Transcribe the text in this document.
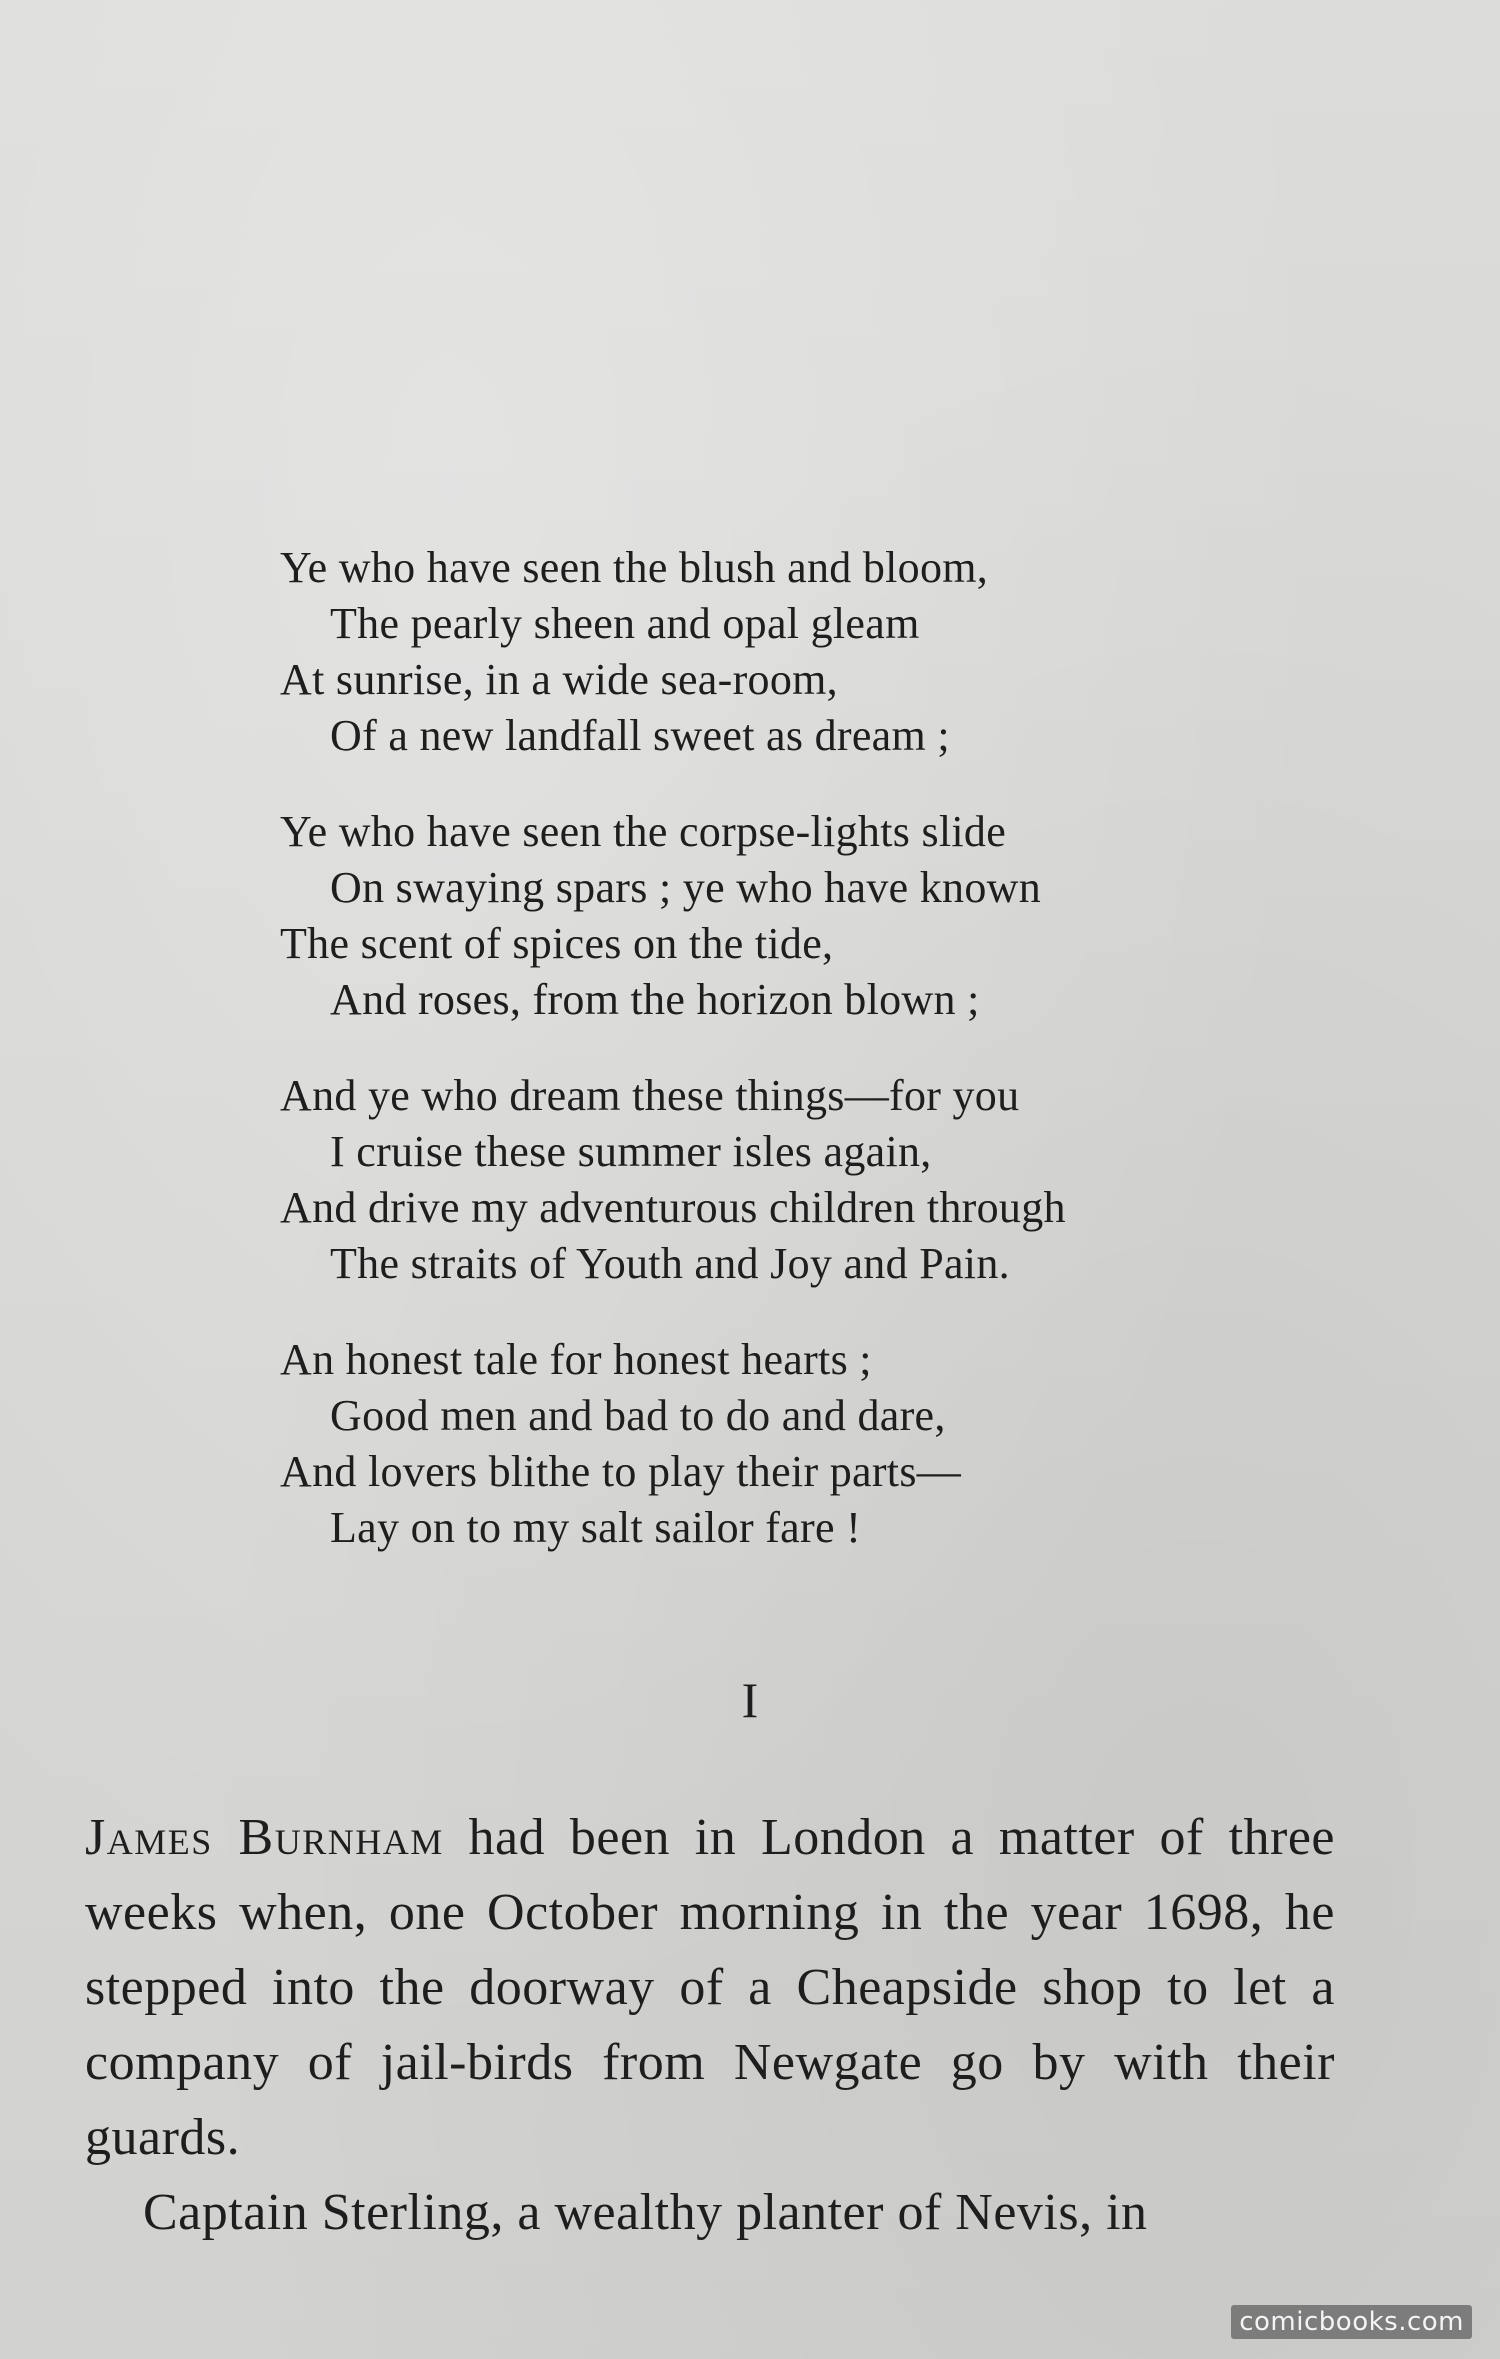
Ye who have seen the blush and bloom,
The pearly sheen and opal gleam
At sunrise, in a wide sea-room,
Of a new landfall sweet as dream ;
Ye who have seen the corpse-lights slide
On swaying spars ; ye who have known
The scent of spices on the tide,
And roses, from the horizon blown ;
And ye who dream these things—for you
I cruise these summer isles again,
And drive my adventurous children through
The straits of Youth and Joy and Pain.
An honest tale for honest hearts ;
Good men and bad to do and dare,
And lovers blithe to play their parts—
Lay on to my salt sailor fare !
I

James Burnham had been in London a matter of three weeks when, one October morning in the year 1698, he stepped into the doorway of a Cheapside shop to let a company of jail-birds from Newgate go by with their guards.

Captain Sterling, a wealthy planter of Nevis, in

comicbooks.com
